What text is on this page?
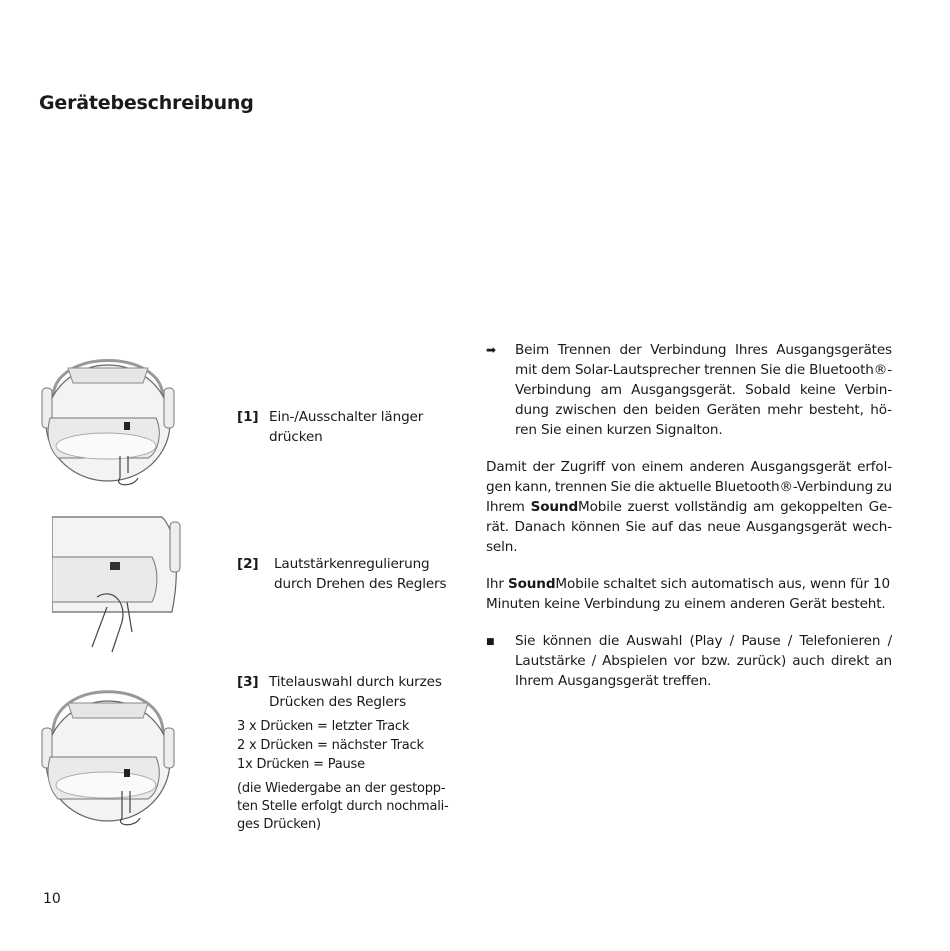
Gerätebeschreibung
[1] Ein-/Ausschalter länger
drücken
[2]	Lautstärkenregulierung
durch Drehen des Reglers
[3] Titelauswahl durch kurzes
Drücken des Reglers
3 x Drücken = letzter Track
2 x Drücken = nächster Track
1x Drücken = Pause
(die Wiedergabe an der gestopp-
ten Stelle erfolgt durch nochmali-
ges Drücken)
➡ Beim Trennen der Verbindung Ihres Ausgangsgerätes
mit dem Solar-Lautsprecher trennen Sie die Bluetooth®-
Verbindung am Ausgangsgerät. Sobald keine Verbin-
dung zwischen den beiden Geräten mehr besteht, hö-
ren Sie einen kurzen Signalton.
Damit der Zugriff von einem anderen Ausgangsgerät erfol-
gen kann, trennen Sie die aktuelle Bluetooth®-Verbindung zu
Ihrem SoundMobile zuerst vollständig am gekoppelten Ge-
rät. Danach können Sie auf das neue Ausgangsgerät wech-
seln.
Ihr SoundMobile schaltet sich automatisch aus, wenn für 10
Minuten keine Verbindung zu einem anderen Gerät besteht.
■ Sie können die Auswahl (Play / Pause / Telefonieren /
Lautstärke / Abspielen vor bzw. zurück) auch direkt an
Ihrem Ausgangsgerät treffen.
10
